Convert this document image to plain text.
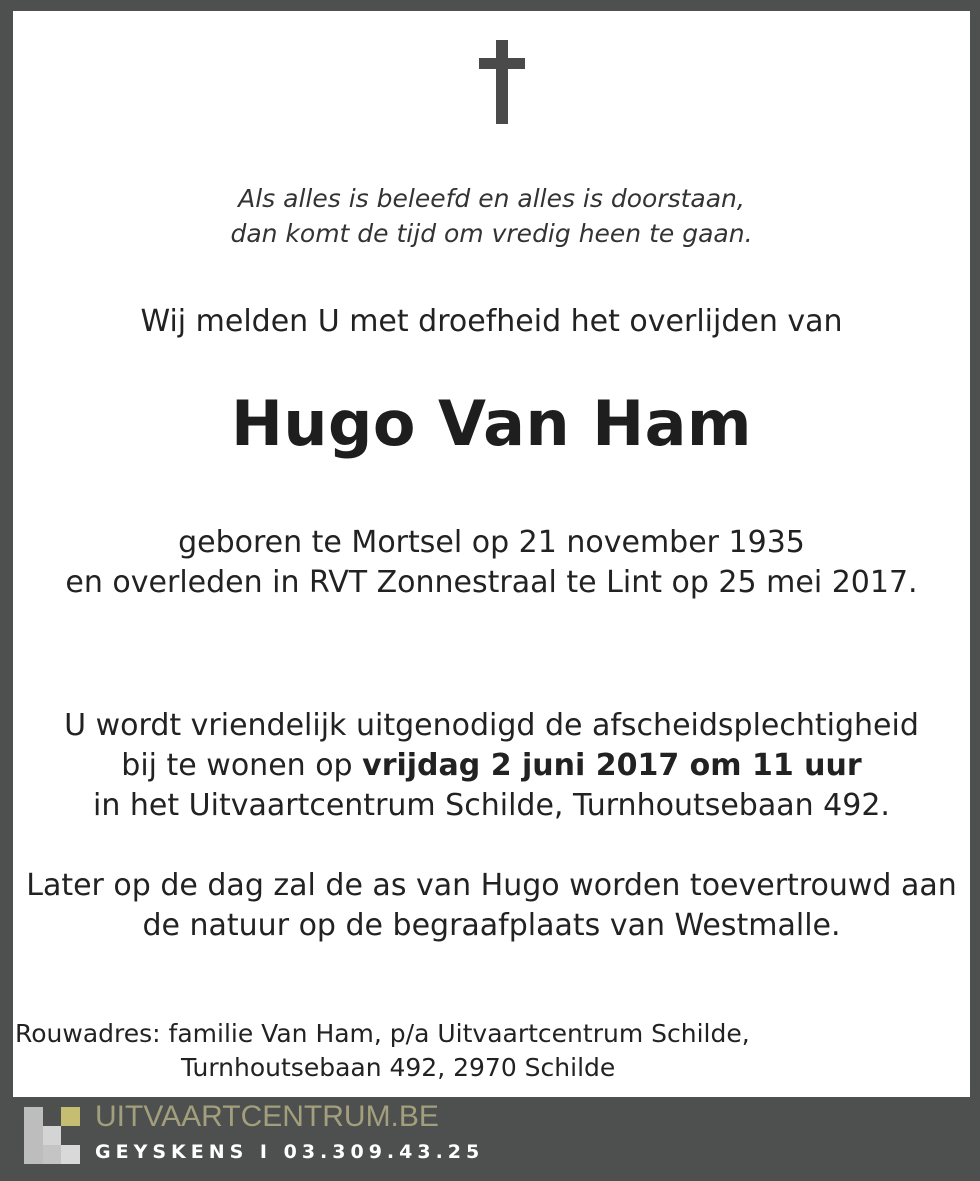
Als alles is beleefd en alles is doorstaan,
dan komt de tijd om vredig heen te gaan.
Wij melden U met droefheid het overlijden van
Hugo Van Ham
geboren te Mortsel op 21 november 1935
en overleden in RVT Zonnestraal te Lint op 25 mei 2017.
U wordt vriendelijk uitgenodigd de afscheidsplechtigheid
bij te wonen op vrijdag 2 juni 2017 om 11 uur
in het Uitvaartcentrum Schilde, Turnhoutsebaan 492.
Later op de dag zal de as van Hugo worden toevertrouwd aan
de natuur op de begraafplaats van Westmalle.
Rouwadres: familie Van Ham, p/a Uitvaartcentrum Schilde,
Turnhoutsebaan 492, 2970 Schilde
UITVAARTCENTRUM.BE
GEYSKENS I 03.309.43.25
